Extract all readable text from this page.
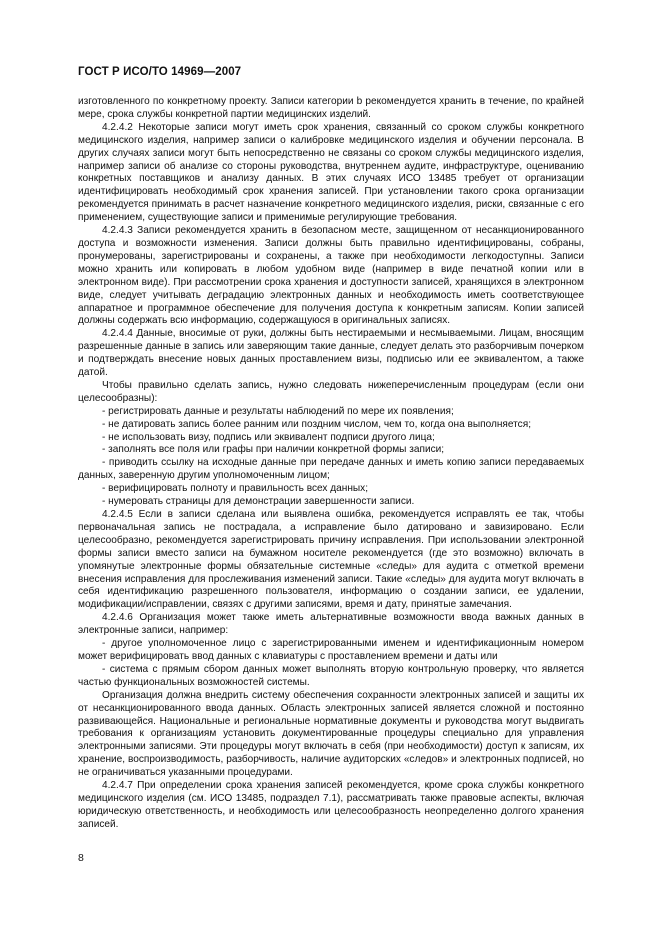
ГОСТ Р ИСО/ТО 14969—2007

изготовленного по конкретному проекту. Записи категории b рекомендуется хранить в течение, по крайней мере, срока службы конкретной партии медицинских изделий.

4.2.4.2 Некоторые записи могут иметь срок хранения, связанный со сроком службы конкретного медицинского изделия, например записи о калибровке медицинского изделия и обучении персонала. В других случаях записи могут быть непосредственно не связаны со сроком службы медицинского изделия, например записи об анализе со стороны руководства, внутреннем аудите, инфраструктуре, оцениванию конкретных поставщиков и анализу данных. В этих случаях ИСО 13485 требует от организации идентифицировать необходимый срок хранения записей. При установлении такого срока организации рекомендуется принимать в расчет назначение конкретного медицинского изделия, риски, связанные с его применением, существующие записи и применимые регулирующие требования.

4.2.4.3 Записи рекомендуется хранить в безопасном месте, защищенном от несанкционированного доступа и возможности изменения. Записи должны быть правильно идентифицированы, собраны, пронумерованы, зарегистрированы и сохранены, а также при необходимости легкодоступны. Записи можно хранить или копировать в любом удобном виде (например в виде печатной копии или в электронном виде). При рассмотрении срока хранения и доступности записей, хранящихся в электронном виде, следует учитывать деградацию электронных данных и необходимость иметь соответствующее аппаратное и программное обеспечение для получения доступа к конкретным записям. Копии записей должны содержать всю информацию, содержащуюся в оригинальных записях.

4.2.4.4 Данные, вносимые от руки, должны быть нестираемыми и несмываемыми. Лицам, вносящим разрешенные данные в запись или заверяющим такие данные, следует делать это разборчивым почерком и подтверждать внесение новых данных проставлением визы, подписью или ее эквивалентом, а также датой.

Чтобы правильно сделать запись, нужно следовать нижеперечисленным процедурам (если они целесообразны):

- регистрировать данные и результаты наблюдений по мере их появления;

- не датировать запись более ранним или поздним числом, чем то, когда она выполняется;

- не использовать визу, подпись или эквивалент подписи другого лица;

- заполнять все поля или графы при наличии конкретной формы записи;

- приводить ссылку на исходные данные при передаче данных и иметь копию записи передаваемых данных, заверенную другим уполномоченным лицом;

- верифицировать полноту и правильность всех данных;

- нумеровать страницы для демонстрации завершенности записи.

4.2.4.5 Если в записи сделана или выявлена ошибка, рекомендуется исправлять ее так, чтобы первоначальная запись не пострадала, а исправление было датировано и завизировано. Если целесообразно, рекомендуется зарегистрировать причину исправления. При использовании электронной формы записи вместо записи на бумажном носителе рекомендуется (где это возможно) включать в упомянутые электронные формы обязательные системные «следы» для аудита с отметкой времени внесения исправления для прослеживания изменений записи. Такие «следы» для аудита могут включать в себя идентификацию разрешенного пользователя, информацию о создании записи, ее удалении, модификации/исправлении, связях с другими записями, время и дату, принятые замечания.

4.2.4.6 Организация может также иметь альтернативные возможности ввода важных данных в электронные записи, например:

- другое уполномоченное лицо с зарегистрированными именем и идентификационным номером может верифицировать ввод данных с клавиатуры с проставлением времени и даты или

- система с прямым сбором данных может выполнять вторую контрольную проверку, что является частью функциональных возможностей системы.

Организация должна внедрить систему обеспечения сохранности электронных записей и защиты их от несанкционированного ввода данных. Область электронных записей является сложной и постоянно развивающейся. Национальные и региональные нормативные документы и руководства могут выдвигать требования к организациям установить документированные процедуры специально для управления электронными записями. Эти процедуры могут включать в себя (при необходимости) доступ к записям, их хранение, воспроизводимость, разборчивость, наличие аудиторских «следов» и электронных подписей, но не ограничиваться указанными процедурами.

4.2.4.7 При определении срока хранения записей рекомендуется, кроме срока службы конкретного медицинского изделия (см. ИСО 13485, подраздел 7.1), рассматривать также правовые аспекты, включая юридическую ответственность, и необходимость или целесообразность неопределенно долгого хранения записей.

8
